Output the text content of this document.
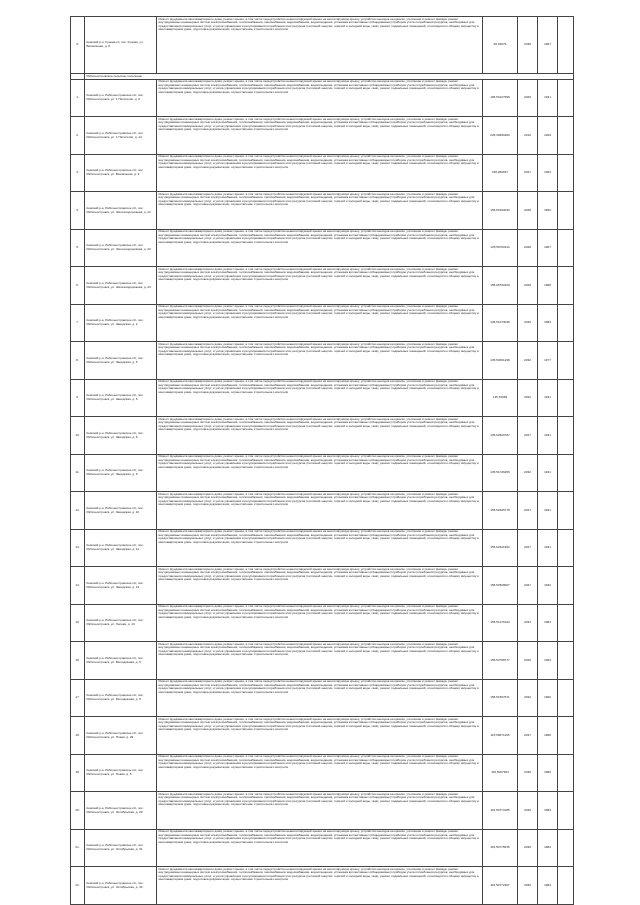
9.	Кемский р-н, Кузема сп, пос. Кузема, ул. Вокзальная, д. 8	Ремонт фундамента многоквартирного дома, ремонт крыши, в том числе переустройство невентилируемой крыши на вентилируемую крышу, устройство выходов на кровлю, утепление и ремонт фасада, ремонт внутридомовых инженерных систем электроснабжения, теплоснабжения, газоснабжения, водоснабжения, водоотведения, установка коллективных (общедомовых) приборов учета потребления ресурсов, необходимых для предоставления коммунальных услуг, и узлов управления и регулирования потребления этих ресурсов (тепловой энергии, горячей и холодной воды, газа), ремонт подвальных помещений, относящихся к общему имуществу в многоквартирном доме, подготовка документации, осуществление строительного контроля	65,92079	2038	1967	
	Рабочеостровское сельское поселение					
1.	Кемский р-н, Рабочеостровское с/п, пос. Рабочеостровск, ул. 1 Пятилетки, д. 6	Ремонт фундамента многоквартирного дома, ремонт крыши, в том числе переустройство невентилируемой крыши на вентилируемую крышу, устройство выходов на кровлю, утепление и ремонт фасада, ремонт внутридомовых инженерных систем электроснабжения, теплоснабжения, газоснабжения, водоснабжения, водоотведения, установка коллективных (общедомовых) приборов учета потребления ресурсов, необходимых для предоставления коммунальных услуг, и узлов управления и регулирования потребления этих ресурсов (тепловой энергии, горячей и холодной воды, газа), ремонт подвальных помещений, относящихся к общему имуществу в многоквартирном доме, подготовка документации, осуществление строительного контроля	165,53127996	2029	1931	
2.	Кемский р-н, Рабочеостровское с/п, пос. Рабочеостровск, ул. 1 Пятилетки, д. 14	Ремонт фундамента многоквартирного дома, ремонт крыши, в том числе переустройство невентилируемой крыши на вентилируемую крышу, устройство выходов на кровлю, утепление и ремонт фасада, ремонт внутридомовых инженерных систем электроснабжения, теплоснабжения, газоснабжения, водоснабжения, водоотведения, установка коллективных (общедомовых) приборов учета потребления ресурсов, необходимых для предоставления коммунальных услуг, и узлов управления и регулирования потребления этих ресурсов (тепловой энергии, горячей и холодной воды, газа), ремонт подвальных помещений, относящихся к общему имуществу в многоквартирном доме, подготовка документации, осуществление строительного контроля	226,30839183	2016	1929	
3.	Кемский р-н, Рабочеостровское с/п, пос. Рабочеостровск, ул. Вокзальная, д. 3	Ремонт фундамента многоквартирного дома, ремонт крыши, в том числе переустройство невентилируемой крыши на вентилируемую крышу, устройство выходов на кровлю, утепление и ремонт фасада, ремонт внутридомовых инженерных систем электроснабжения, теплоснабжения, газоснабжения, водоснабжения, водоотведения, установка коллективных (общедомовых) приборов учета потребления ресурсов, необходимых для предоставления коммунальных услуг, и узлов управления и регулирования потребления этих ресурсов (тепловой энергии, горячей и холодной воды, газа), ремонт подвальных помещений, относящихся к общему имуществу в многоквартирном доме, подготовка документации, осуществление строительного контроля	155,289637	2027	1962	
4.	Кемский р-н, Рабочеостровское с/п, пос. Рабочеостровск, ул. Железнодорожная, д. 21	Ремонт фундамента многоквартирного дома, ремонт крыши, в том числе переустройство невентилируемой крыши на вентилируемую крышу, устройство выходов на кровлю, утепление и ремонт фасада, ремонт внутридомовых инженерных систем электроснабжения, теплоснабжения, газоснабжения, водоснабжения, водоотведения, установка коллективных (общедомовых) приборов учета потребления ресурсов, необходимых для предоставления коммунальных услуг, и узлов управления и регулирования потребления этих ресурсов (тепловой энергии, горячей и холодной воды, газа), ремонт подвальных помещений, относящихся к общему имуществу в многоквартирном доме, подготовка документации, осуществление строительного контроля	155,53193043	2028	1966	
5.	Кемский р-н, Рабочеостровское с/п, пос. Рабочеостровск, ул. Железнодорожная, д. 22	Ремонт фундамента многоквартирного дома, ремонт крыши, в том числе переустройство невентилируемой крыши на вентилируемую крышу, устройство выходов на кровлю, утепление и ремонт фасада, ремонт внутридомовых инженерных систем электроснабжения, теплоснабжения, газоснабжения, водоснабжения, водоотведения, установка коллективных (общедомовых) приборов учета потребления ресурсов, необходимых для предоставления коммунальных услуг, и узлов управления и регулирования потребления этих ресурсов (тепловой энергии, горячей и холодной воды, газа), ремонт подвальных помещений, относящихся к общему имуществу в многоквартирном доме, подготовка документации, осуществление строительного контроля	135,59700114	2028	1967	
6.	Кемский р-н, Рабочеостровское с/п, пос. Рабочеостровск, ул. Железнодорожная, д. 23	Ремонт фундамента многоквартирного дома, ремонт крыши, в том числе переустройство невентилируемой крыши на вентилируемую крышу, устройство выходов на кровлю, утепление и ремонт фасада, ремонт внутридомовых инженерных систем электроснабжения, теплоснабжения, газоснабжения, водоснабжения, водоотведения, установка коллективных (общедомовых) приборов учета потребления ресурсов, необходимых для предоставления коммунальных услуг, и узлов управления и регулирования потребления этих ресурсов (тепловой энергии, горячей и холодной воды, газа), ремонт подвальных помещений, относящихся к общему имуществу в многоквартирном доме, подготовка документации, осуществление строительного контроля	155,05762429	2028	1968	
7.	Кемский р-н, Рабочеостровское с/п, пос. Рабочеостровск, ул. Заводская, д. 2	Ремонт фундамента многоквартирного дома, ремонт крыши, в том числе переустройство невентилируемой крыши на вентилируемую крышу, устройство выходов на кровлю, утепление и ремонт фасада, ремонт внутридомовых инженерных систем электроснабжения, теплоснабжения, газоснабжения, водоснабжения, водоотведения, установка коллективных (общедомовых) приборов учета потребления ресурсов, необходимых для предоставления коммунальных услуг, и узлов управления и регулирования потребления этих ресурсов (тепловой энергии, горячей и холодной воды, газа), ремонт подвальных помещений, относящихся к общему имуществу в многоквартирном доме, подготовка документации, осуществление строительного контроля	135,51073045	2036	1983	
8.	Кемский р-н, Рабочеостровское с/п, пос. Рабочеостровск, ул. Заводская, д. 5	Ремонт фундамента многоквартирного дома, ремонт крыши, в том числе переустройство невентилируемой крыши на вентилируемую крышу, устройство выходов на кровлю, утепление и ремонт фасада, ремонт внутридомовых инженерных систем электроснабжения, теплоснабжения, газоснабжения, водоснабжения, водоотведения, установка коллективных (общедомовых) приборов учета потребления ресурсов, необходимых для предоставления коммунальных услуг, и узлов управления и регулирования потребления этих ресурсов (тепловой энергии, горячей и холодной воды, газа), ремонт подвальных помещений, относящихся к общему имуществу в многоквартирном доме, подготовка документации, осуществление строительного контроля	135,53061238	2032	1977	
9.	Кемский р-н, Рабочеостровское с/п, пос. Рабочеостровск, ул. Заводская, д. 6	Ремонт фундамента многоквартирного дома, ремонт крыши, в том числе переустройство невентилируемой крыши на вентилируемую крышу, устройство выходов на кровлю, утепление и ремонт фасада, ремонт внутридомовых инженерных систем электроснабжения, теплоснабжения, газоснабжения, водоснабжения, водоотведения, установка коллективных (общедомовых) приборов учета потребления ресурсов, необходимых для предоставления коммунальных услуг, и узлов управления и регулирования потребления этих ресурсов (тепловой энергии, горячей и холодной воды, газа), ремонт подвальных помещений, относящихся к общему имуществу в многоквартирном доме, подготовка документации, осуществление строительного контроля	135,51669	2032	1931	
10.	Кемский р-н, Рабочеостровское с/п, пос. Рабочеостровск, ул. Заводская, д. 8	Ремонт фундамента многоквартирного дома, ремонт крыши, в том числе переустройство невентилируемой крыши на вентилируемую крышу, устройство выходов на кровлю, утепление и ремонт фасада, ремонт внутридомовых инженерных систем электроснабжения, теплоснабжения, газоснабжения, водоснабжения, водоотведения, установка коллективных (общедомовых) приборов учета потребления ресурсов, необходимых для предоставления коммунальных услуг, и узлов управления и регулирования потребления этих ресурсов (тепловой энергии, горячей и холодной воды, газа), ремонт подвальных помещений, относящихся к общему имуществу в многоквартирном доме, подготовка документации, осуществление строительного контроля	135,52620787	2027	1931	
11.	Кемский р-н, Рабочеостровское с/п, пос. Рабочеостровск, ул. Заводская, д. 9	Ремонт фундамента многоквартирного дома, ремонт крыши, в том числе переустройство невентилируемой крыши на вентилируемую крышу, устройство выходов на кровлю, утепление и ремонт фасада, ремонт внутридомовых инженерных систем электроснабжения, теплоснабжения, газоснабжения, водоснабжения, водоотведения, установка коллективных (общедомовых) приборов учета потребления ресурсов, необходимых для предоставления коммунальных услуг, и узлов управления и регулирования потребления этих ресурсов (тепловой энергии, горячей и холодной воды, газа), ремонт подвальных помещений, относящихся к общему имуществу в многоквартирном доме, подготовка документации, осуществление строительного контроля	135,51726256	2032	1931	
12.	Кемский р-н, Рабочеостровское с/п, пос. Рабочеостровск, ул. Заводская, д. 10	Ремонт фундамента многоквартирного дома, ремонт крыши, в том числе переустройство невентилируемой крыши на вентилируемую крышу, устройство выходов на кровлю, утепление и ремонт фасада, ремонт внутридомовых инженерных систем электроснабжения, теплоснабжения, газоснабжения, водоснабжения, водоотведения, установка коллективных (общедомовых) приборов учета потребления ресурсов, необходимых для предоставления коммунальных услуг, и узлов управления и регулирования потребления этих ресурсов (тепловой энергии, горячей и холодной воды, газа), ремонт подвальных помещений, относящихся к общему имуществу в многоквартирном доме, подготовка документации, осуществление строительного контроля	155,52625778	2027	1931	
13.	Кемский р-н, Рабочеостровское с/п, пос. Рабочеостровск, ул. Заводская, д. 11	Ремонт фундамента многоквартирного дома, ремонт крыши, в том числе переустройство невентилируемой крыши на вентилируемую крышу, устройство выходов на кровлю, утепление и ремонт фасада, ремонт внутридомовых инженерных систем электроснабжения, теплоснабжения, газоснабжения, водоснабжения, водоотведения, установка коллективных (общедомовых) приборов учета потребления ресурсов, необходимых для предоставления коммунальных услуг, и узлов управления и регулирования потребления этих ресурсов (тепловой энергии, горячей и холодной воды, газа), ремонт подвальных помещений, относящихся к общему имуществу в многоквартирном доме, подготовка документации, осуществление строительного контроля	155,52421952	2027	1931	
14.	Кемский р-н, Рабочеостровское с/п, пос. Рабочеостровск, ул. Заводская, д. 12	Ремонт фундамента многоквартирного дома, ремонт крыши, в том числе переустройство невентилируемой крыши на вентилируемую крышу, устройство выходов на кровлю, утепление и ремонт фасада, ремонт внутридомовых инженерных систем электроснабжения, теплоснабжения, газоснабжения, водоснабжения, водоотведения, установка коллективных (общедомовых) приборов учета потребления ресурсов, необходимых для предоставления коммунальных услуг, и узлов управления и регулирования потребления этих ресурсов (тепловой энергии, горячей и холодной воды, газа), ремонт подвальных помещений, относящихся к общему имуществу в многоквартирном доме, подготовка документации, осуществление строительного контроля	155,52528007	2027	1932	
15.	Кемский р-н, Рабочеостровское с/п, пос. Рабочеостровск, ул. Лесная, д. 13	Ремонт фундамента многоквартирного дома, ремонт крыши, в том числе переустройство невентилируемой крыши на вентилируемую крышу, устройство выходов на кровлю, утепление и ремонт фасада, ремонт внутридомовых инженерных систем электроснабжения, теплоснабжения, газоснабжения, водоснабжения, водоотведения, установка коллективных (общедомовых) приборов учета потребления ресурсов, необходимых для предоставления коммунальных услуг, и узлов управления и регулирования потребления этих ресурсов (тепловой энергии, горячей и холодной воды, газа), ремонт подвальных помещений, относящихся к общему имуществу в многоквартирном доме, подготовка документации, осуществление строительного контроля	155,51276103	2033	1984	
16.	Кемский р-н, Рабочеостровское с/п, пос. Рабочеостровск, ул. Молодежная, д. 5	Ремонт фундамента многоквартирного дома, ремонт крыши, в том числе переустройство невентилируемой крыши на вентилируемую крышу, устройство выходов на кровлю, утепление и ремонт фасада, ремонт внутридомовых инженерных систем электроснабжения, теплоснабжения, газоснабжения, водоснабжения, водоотведения, установка коллективных (общедомовых) приборов учета потребления ресурсов, необходимых для предоставления коммунальных услуг, и узлов управления и регулирования потребления этих ресурсов (тепловой энергии, горячей и холодной воды, газа), ремонт подвальных помещений, относящихся к общему имуществу в многоквартирном доме, подготовка документации, осуществление строительного контроля	155,53708777	2026	1962	
17.	Кемский р-н, Рабочеостровское с/п, пос. Рабочеостровск, ул. Молодежная, д. 8	Ремонт фундамента многоквартирного дома, ремонт крыши, в том числе переустройство невентилируемой крыши на вентилируемую крышу, устройство выходов на кровлю, утепление и ремонт фасада, ремонт внутридомовых инженерных систем электроснабжения, теплоснабжения, газоснабжения, водоснабжения, водоотведения, установка коллективных (общедомовых) приборов учета потребления ресурсов, необходимых для предоставления коммунальных услуг, и узлов управления и регулирования потребления этих ресурсов (тепловой энергии, горячей и холодной воды, газа), ремонт подвальных помещений, относящихся к общему имуществу в многоквартирном доме, подготовка документации, осуществление строительного контроля	155,51567671	2032	1960	
18.	Кемский р-н, Рабочеостровское с/п, пос. Рабочеостровск, ул. Новая, д. 29	Ремонт фундамента многоквартирного дома, ремонт крыши, в том числе переустройство невентилируемой крыши на вентилируемую крышу, устройство выходов на кровлю, утепление и ремонт фасада, ремонт внутридомовых инженерных систем электроснабжения, теплоснабжения, газоснабжения, водоснабжения, водоотведения, установка коллективных (общедомовых) приборов учета потребления ресурсов, необходимых для предоставления коммунальных услуг, и узлов управления и регулирования потребления этих ресурсов (тепловой энергии, горячей и холодной воды, газа), ремонт подвальных помещений, относящихся к общему имуществу в многоквартирном доме, подготовка документации, осуществление строительного контроля	115,50671165	2037	1988	
19.	Кемский р-н, Рабочеостровское с/п, пос. Рабочеостровск, ул. Новая, д. 5	Ремонт фундамента многоквартирного дома, ремонт крыши, в том числе переустройство невентилируемой крыши на вентилируемую крышу, устройство выходов на кровлю, утепление и ремонт фасада, ремонт внутридомовых инженерных систем электроснабжения, теплоснабжения, газоснабжения, водоснабжения, водоотведения, установка коллективных (общедомовых) приборов учета потребления ресурсов, необходимых для предоставления коммунальных услуг, и узлов управления и регулирования потребления этих ресурсов (тепловой энергии, горячей и холодной воды, газа), ремонт подвальных помещений, относящихся к общему имуществу в многоквартирном доме, подготовка документации, осуществление строительного контроля	115,5007384	2036	1986	
20.	Кемский р-н, Рабочеостровское с/п, пос. Рабочеостровск, ул. Октябрьская, д. 29	Ремонт фундамента многоквартирного дома, ремонт крыши, в том числе переустройство невентилируемой крыши на вентилируемую крышу, устройство выходов на кровлю, утепление и ремонт фасада, ремонт внутридомовых инженерных систем электроснабжения, теплоснабжения, газоснабжения, водоснабжения, водоотведения, установка коллективных (общедомовых) приборов учета потребления ресурсов, необходимых для предоставления коммунальных услуг, и узлов управления и регулирования потребления этих ресурсов (тепловой энергии, горячей и холодной воды, газа), ремонт подвальных помещений, относящихся к общему имуществу в многоквартирном доме, подготовка документации, осуществление строительного контроля	115,50774185	2036	1983	
21.	Кемский р-н, Рабочеостровское с/п, пос. Рабочеостровск, ул. Октябрьская, д. 31	Ремонт фундамента многоквартирного дома, ремонт крыши, в том числе переустройство невентилируемой крыши на вентилируемую крышу, устройство выходов на кровлю, утепление и ремонт фасада, ремонт внутридомовых инженерных систем электроснабжения, теплоснабжения, газоснабжения, водоснабжения, водоотведения, установка коллективных (общедомовых) приборов учета потребления ресурсов, необходимых для предоставления коммунальных услуг, и узлов управления и регулирования потребления этих ресурсов (тепловой энергии, горячей и холодной воды, газа), ремонт подвальных помещений, относящихся к общему имуществу в многоквартирном доме, подготовка документации, осуществление строительного контроля	115,50775535	2036	1984	
22.	Кемский р-н, Рабочеостровское с/п, пос. Рабочеостровск, ул. Октябрьская, д. 33	Ремонт фундамента многоквартирного дома, ремонт крыши, в том числе переустройство невентилируемой крыши на вентилируемую крышу, устройство выходов на кровлю, утепление и ремонт фасада, ремонт внутридомовых инженерных систем электроснабжения, теплоснабжения, газоснабжения, водоснабжения, водоотведения, установка коллективных (общедомовых) приборов учета потребления ресурсов, необходимых для предоставления коммунальных услуг, и узлов управления и регулирования потребления этих ресурсов (тепловой энергии, горячей и холодной воды, газа), ремонт подвальных помещений, относящихся к общему имуществу в многоквартирном доме, подготовка документации, осуществление строительного контроля	115,50772397	2036	1983	
